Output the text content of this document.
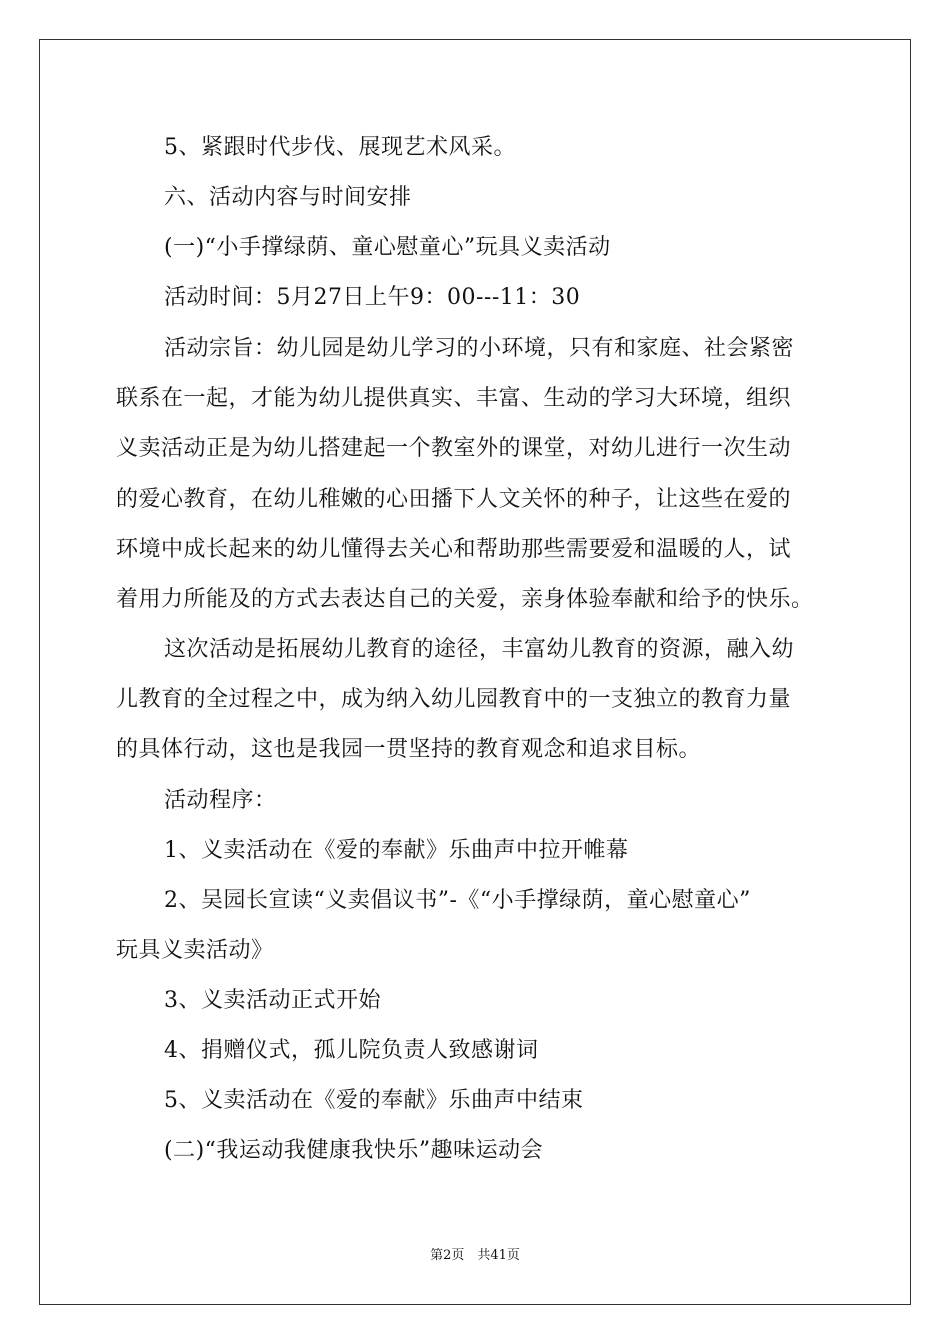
5、紧跟时代步伐、展现艺术风采。
六、活动内容与时间安排
(一)“小手撑绿荫、童心慰童心”玩具义卖活动
活动时间：5月27日上午9：00---11：30
活动宗旨：幼儿园是幼儿学习的小环境，只有和家庭、社会紧密
联系在一起，才能为幼儿提供真实、丰富、生动的学习大环境，组织
义卖活动正是为幼儿搭建起一个教室外的课堂，对幼儿进行一次生动
的爱心教育，在幼儿稚嫩的心田播下人文关怀的种子，让这些在爱的
环境中成长起来的幼儿懂得去关心和帮助那些需要爱和温暖的人，试
着用力所能及的方式去表达自己的关爱，亲身体验奉献和给予的快乐。
这次活动是拓展幼儿教育的途径，丰富幼儿教育的资源，融入幼
儿教育的全过程之中，成为纳入幼儿园教育中的一支独立的教育力量
的具体行动，这也是我园一贯坚持的教育观念和追求目标。
活动程序：
1、义卖活动在《爱的奉献》乐曲声中拉开帷幕
2、吴园长宣读“义卖倡议书”-《“小手撑绿荫，童心慰童心”
玩具义卖活动》
3、义卖活动正式开始
4、捐赠仪式，孤儿院负责人致感谢词
5、义卖活动在《爱的奉献》乐曲声中结束
(二)“我运动我健康我快乐”趣味运动会
第2页　共41页
